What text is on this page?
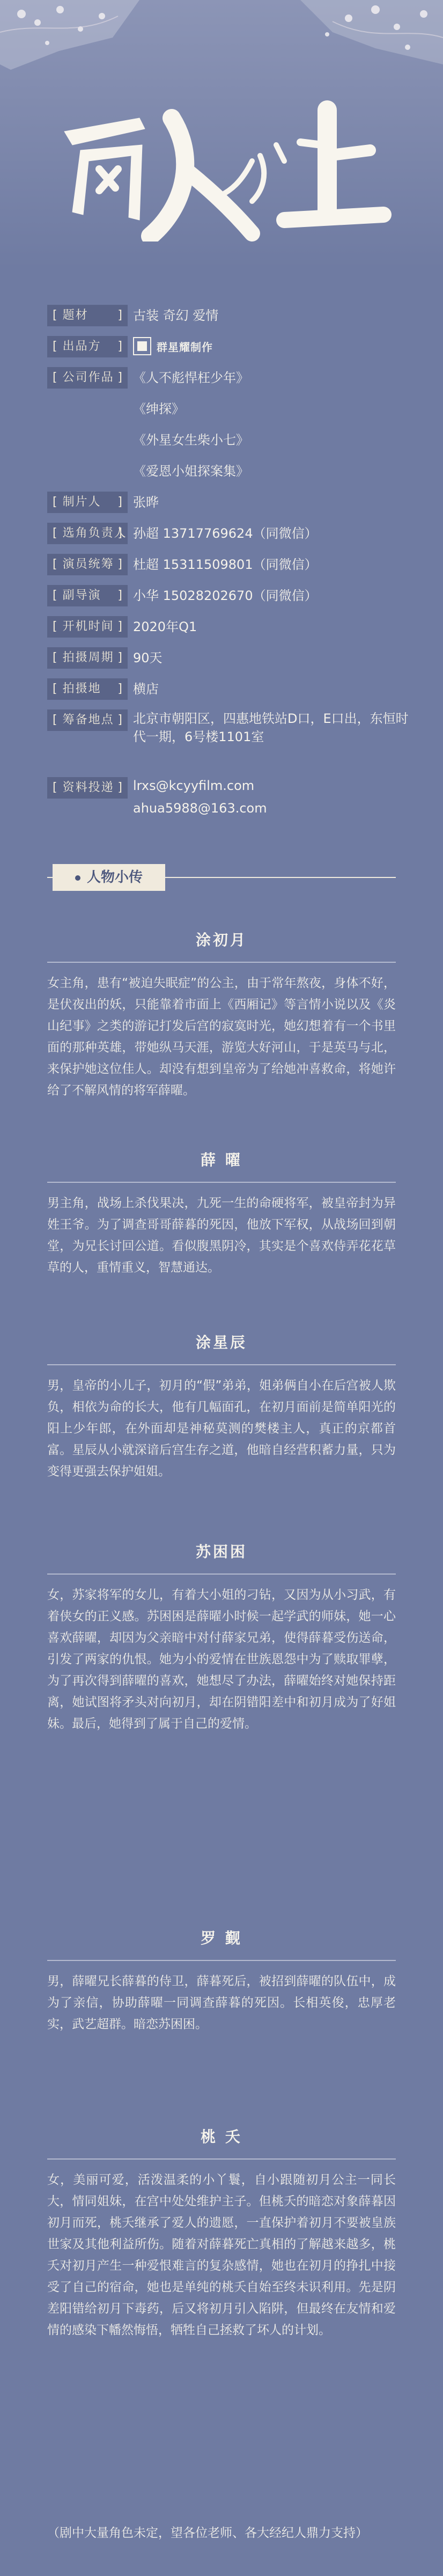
[ 题材 ]	古装 奇幻 爱情
[ 出品方 ]	群星耀制作
[ 公司作品 ]	《人不彪悍枉少年》
《绅探》
《外星女生柴小七》
《爱恩小姐探案集》
[ 制片人 ]	张晔
[ 选角负责人 ] 孙超 13717769624（同微信）
[ 演员统筹 ]	杜超 15311509801（同微信）
[ 副导演 ]	小华 15028202670（同微信）
[ 开机时间 ]	2020年Q1
[ 拍摄周期 ]	90天
[ 拍摄地 ]	横店
[ 筹备地点 ]	北京市朝阳区，四惠地铁站D口，E口出，东恒时代一期，6号楼1101室
[ 资料投递 ]	lrxs@kcyyfilm.com
ahua5988@163.com
人物小传
涂初月
女主角，患有“被迫失眠症”的公主，由于常年熬夜，身体不好，是伏夜出的妖，只能靠着市面上《西厢记》等言情小说以及《炎山纪事》之类的游记打发后宫的寂寞时光，她幻想着有一个书里面的那种英雄，带她纵马天涯，游览大好河山，于是英马与北，来保护她这位佳人。却没有想到皇帝为了给她冲喜救命，将她许给了不解风情的将军薛曜。
薛 曜
男主角，战场上杀伐果决，九死一生的命硬将军，被皇帝封为异姓王爷。为了调查哥哥薛暮的死因，他放下军权，从战场回到朝堂，为兄长讨回公道。看似腹黑阴冷，其实是个喜欢侍弄花花草草的人，重情重义，智慧通达。
涂星辰
男，皇帝的小儿子，初月的“假”弟弟，姐弟俩自小在后宫被人欺负，相依为命的长大，他有几幅面孔，在初月面前是简单阳光的阳上少年郎，在外面却是神秘莫测的樊楼主人，真正的京都首富。星辰从小就深谙后宫生存之道，他暗自经营积蓄力量，只为变得更强去保护姐姐。
苏困困
女，苏家将军的女儿，有着大小姐的刁钻，又因为从小习武，有着侠女的正义感。苏困困是薛曜小时候一起学武的师妹，她一心喜欢薛曜，却因为父亲暗中对付薛家兄弟，使得薛暮受伤送命，引发了两家的仇恨。她为小的爱情在世族恩怨中为了赎取罪孽，为了再次得到薛曜的喜欢，她想尽了办法，薛曜始终对她保持距离，她试图将矛头对向初月，却在阴错阳差中和初月成为了好姐妹。最后，她得到了属于自己的爱情。
罗 觐
男，薛曜兄长薛暮的侍卫，薛暮死后，被招到薛曜的队伍中，成为了亲信，协助薛曜一同调查薛暮的死因。长相英俊，忠厚老实，武艺超群。暗恋苏困困。
桃 夭
女，美丽可爱，活泼温柔的小丫鬟，自小跟随初月公主一同长大，情同姐妹，在宫中处处维护主子。但桃夭的暗恋对象薛暮因初月而死，桃夭继承了爱人的遗愿，一直保护着初月不要被皇族世家及其他利益所伤。随着对薛暮死亡真相的了解越来越多，桃夭对初月产生一种爱恨难言的复杂感情，她也在初月的挣扎中接受了自己的宿命，她也是单纯的桃夭自始至终未识利用。先是阴差阳错给初月下毒药，后又将初月引入陷阱，但最终在友情和爱情的感染下幡然悔悟，牺牲自己拯救了坏人的计划。
（剧中大量角色未定，望各位老师、各大经纪人鼎力支持）
